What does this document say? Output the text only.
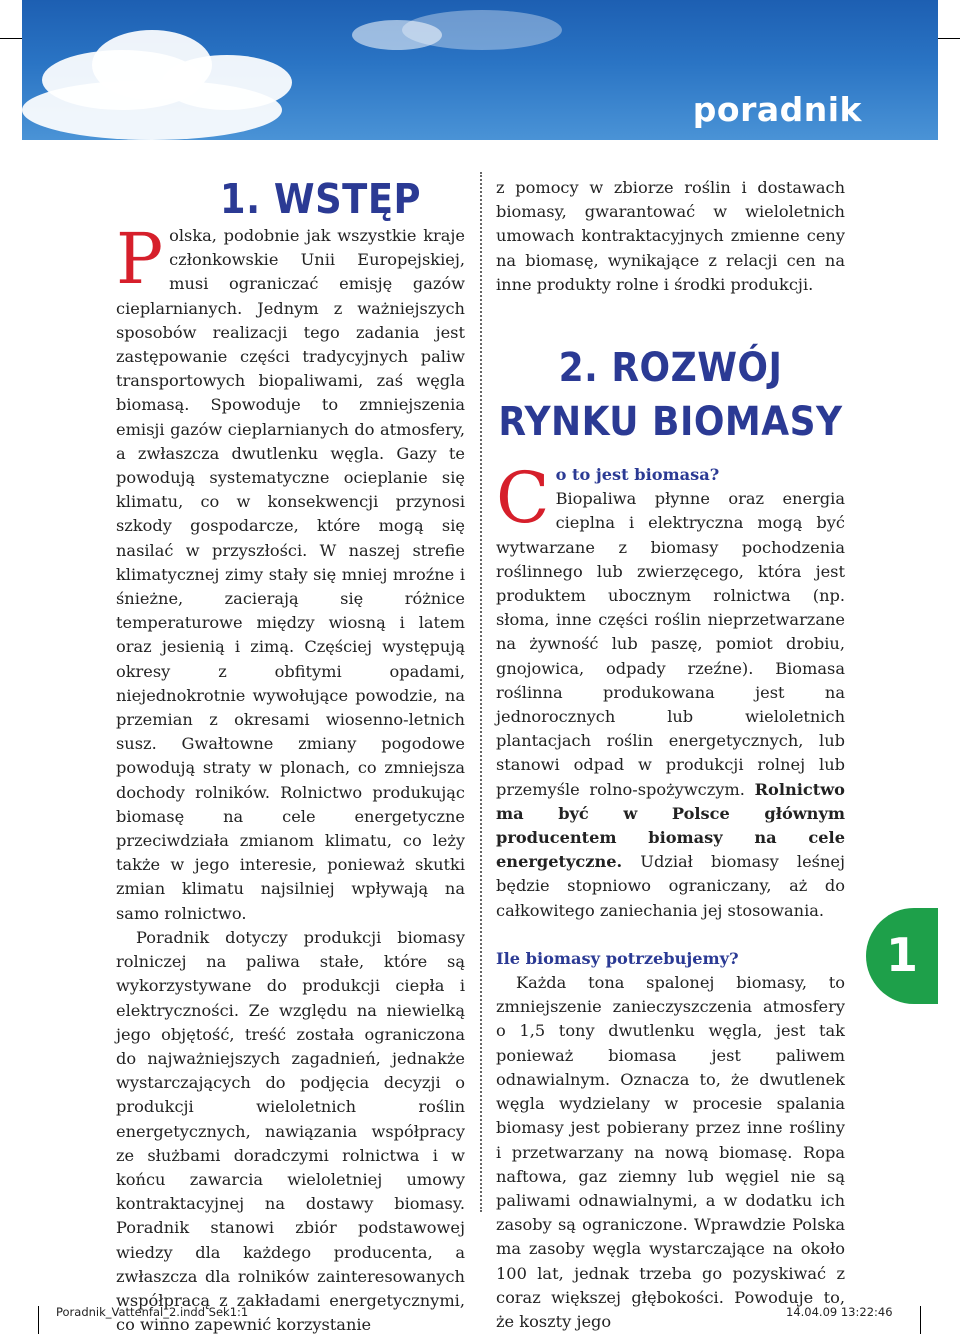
poradnik
1. WSTĘP

Polska, podobnie jak wszystkie kraje członkowskie Unii Europejskiej, musi ograniczać emisję gazów cieplarnianych. Jednym z ważniejszych sposobów realizacji tego zadania jest zastępowanie części tradycyjnych paliw transportowych biopaliwami, zaś węgla biomasą. Spowoduje to zmniejszenia emisji gazów cieplarnianych do atmosfery, a zwłaszcza dwutlenku węgla. Gazy te powodują systematyczne ocieplanie się klimatu, co w konsekwencji przynosi szkody gospodarcze, które mogą się nasilać w przyszłości. W naszej strefie klimatycznej zimy stały się mniej mroźne i śnieżne, zacierają się różnice temperaturowe między wiosną i latem oraz jesienią i zimą. Częściej występują okresy z obfitymi opadami, niejednokrotnie wywołujące powodzie, na przemian z okresami wiosenno-letnich susz. Gwałtowne zmiany pogodowe powodują straty w plonach, co zmniejsza dochody rolników. Rolnictwo produkując biomasę na cele energetyczne przeciwdziała zmianom klimatu, co leży także w jego interesie, ponieważ skutki zmian klimatu najsilniej wpływają na samo rolnictwo.

Poradnik dotyczy produkcji biomasy rolniczej na paliwa stałe, które są wykorzystywane do produkcji ciepła i elektryczności. Ze względu na niewielką jego objętość, treść została ograniczona do najważniejszych zagadnień, jednakże wystarczających do podjęcia decyzji o produkcji wieloletnich roślin energetycznych, nawiązania współpracy ze służbami doradczymi rolnictwa i w końcu zawarcia wieloletniej umowy kontraktacyjnej na dostawy biomasy. Poradnik stanowi zbiór podstawowej wiedzy dla każdego producenta, a zwłaszcza dla rolników zainteresowanych współpracą z zakładami energetycznymi, co winno zapewnić korzystanie

z pomocy w zbiorze roślin i dostawach biomasy, gwarantować w wieloletnich umowach kontraktacyjnych zmienne ceny na biomasę, wynikające z relacji cen na inne produkty rolne i środki produkcji.

2. ROZWÓJ RYNKU BIOMASY

Co to jest biomasa?
Biopaliwa płynne oraz energia cieplna i elektryczna mogą być wytwarzane z biomasy pochodzenia roślinnego lub zwierzęcego, która jest produktem ubocznym rolnictwa (np. słoma, inne części roślin nieprzetwarzane na żywność lub paszę, pomiot drobiu, gnojowica, odpady rzeźne). Biomasa roślinna produkowana jest na jednorocznych lub wieloletnich plantacjach roślin energetycznych, lub stanowi odpad w produkcji rolnej lub przemyśle rolno-spożywczym. Rolnictwo ma być w Polsce głównym producentem biomasy na cele energetyczne. Udział biomasy leśnej będzie stopniowo ograniczany, aż do całkowitego zaniechania jej stosowania.

Ile biomasy potrzebujemy?

Każda tona spalonej biomasy, to zmniejszenie zanieczyszczenia atmosfery o 1,5 tony dwutlenku węgla, jest tak ponieważ biomasa jest paliwem odnawialnym. Oznacza to, że dwutlenek węgla wydzielany w procesie spalania biomasy jest pobierany przez inne rośliny i przetwarzany na nową biomasę. Ropa naftowa, gaz ziemny lub węgiel nie są paliwami odnawialnymi, a w dodatku ich zasoby są ograniczone. Wprawdzie Polska ma zasoby węgla wystarczające na około 100 lat, jednak trzeba go pozyskiwać z coraz większej głębokości. Powoduje to, że koszty jego

1
Poradnik_Vattenfal_2.indd Sek1:1	14.04.09 13:22:46
